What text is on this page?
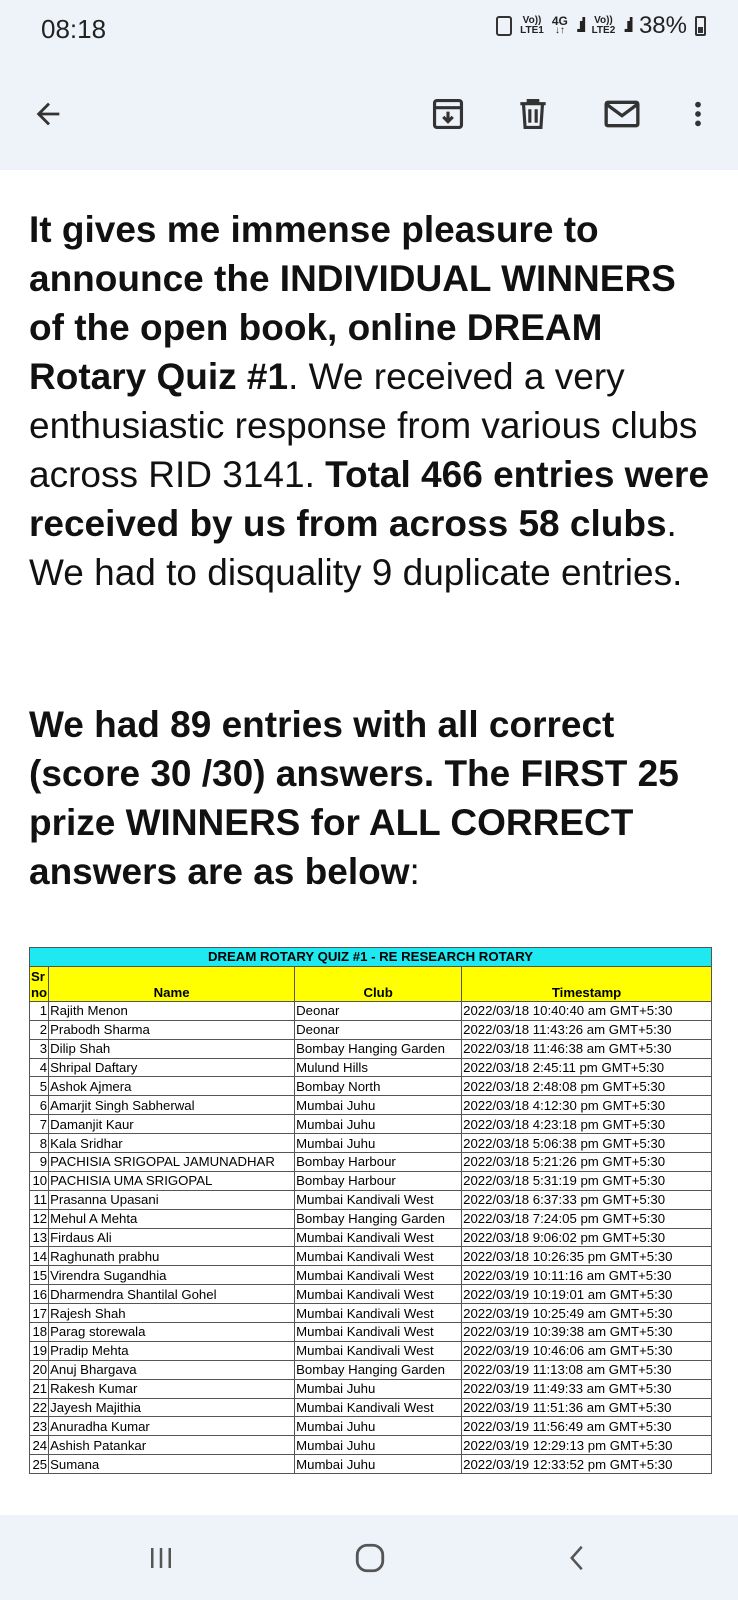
08:18	Vo))
LTE1
4G
↓↑ .ıl Vo))
LTE2 .ıl 38%
It gives me immense pleasure to announce the INDIVIDUAL WINNERS of the open book, online DREAM Rotary Quiz #1. We received a very enthusiastic response from various clubs across RID 3141. Total 466 entries were received by us from across 58 clubs. We had to disquality 9 duplicate entries.
We had 89 entries with all correct (score 30 /30) answers. The FIRST 25 prize WINNERS for ALL CORRECT answers are as below:
DREAM ROTARY QUIZ #1 - RE RESEARCH ROTARY			
Sr
no	Name	Club	Timestamp
1	Rajith Menon	Deonar	2022/03/18 10:40:40 am GMT+5:30
2	Prabodh Sharma	Deonar	2022/03/18 11:43:26 am GMT+5:30
3	Dilip Shah	Bombay Hanging Garden	2022/03/18 11:46:38 am GMT+5:30
4	Shripal Daftary	Mulund Hills	2022/03/18 2:45:11 pm GMT+5:30
5	Ashok Ajmera	Bombay North	2022/03/18 2:48:08 pm GMT+5:30
6	Amarjit Singh Sabherwal	Mumbai Juhu	2022/03/18 4:12:30 pm GMT+5:30
7	Damanjit Kaur	Mumbai Juhu	2022/03/18 4:23:18 pm GMT+5:30
8	Kala Sridhar	Mumbai Juhu	2022/03/18 5:06:38 pm GMT+5:30
9	PACHISIA SRIGOPAL JAMUNADHAR	Bombay Harbour	2022/03/18 5:21:26 pm GMT+5:30
10	PACHISIA UMA SRIGOPAL	Bombay Harbour	2022/03/18 5:31:19 pm GMT+5:30
11	Prasanna Upasani	Mumbai Kandivali West	2022/03/18 6:37:33 pm GMT+5:30
12	Mehul A Mehta	Bombay Hanging Garden	2022/03/18 7:24:05 pm GMT+5:30
13	Firdaus Ali	Mumbai Kandivali West	2022/03/18 9:06:02 pm GMT+5:30
14	Raghunath prabhu	Mumbai Kandivali West	2022/03/18 10:26:35 pm GMT+5:30
15	Virendra Sugandhia	Mumbai Kandivali West	2022/03/19 10:11:16 am GMT+5:30
16	Dharmendra Shantilal Gohel	Mumbai Kandivali West	2022/03/19 10:19:01 am GMT+5:30
17	Rajesh Shah	Mumbai Kandivali West	2022/03/19 10:25:49 am GMT+5:30
18	Parag storewala	Mumbai Kandivali West	2022/03/19 10:39:38 am GMT+5:30
19	Pradip Mehta	Mumbai Kandivali West	2022/03/19 10:46:06 am GMT+5:30
20	Anuj Bhargava	Bombay Hanging Garden	2022/03/19 11:13:08 am GMT+5:30
21	Rakesh Kumar	Mumbai Juhu	2022/03/19 11:49:33 am GMT+5:30
22	Jayesh Majithia	Mumbai Kandivali West	2022/03/19 11:51:36 am GMT+5:30
23	Anuradha Kumar	Mumbai Juhu	2022/03/19 11:56:49 am GMT+5:30
24	Ashish Patankar	Mumbai Juhu	2022/03/19 12:29:13 pm GMT+5:30
25	Sumana	Mumbai Juhu	2022/03/19 12:33:52 pm GMT+5:30
